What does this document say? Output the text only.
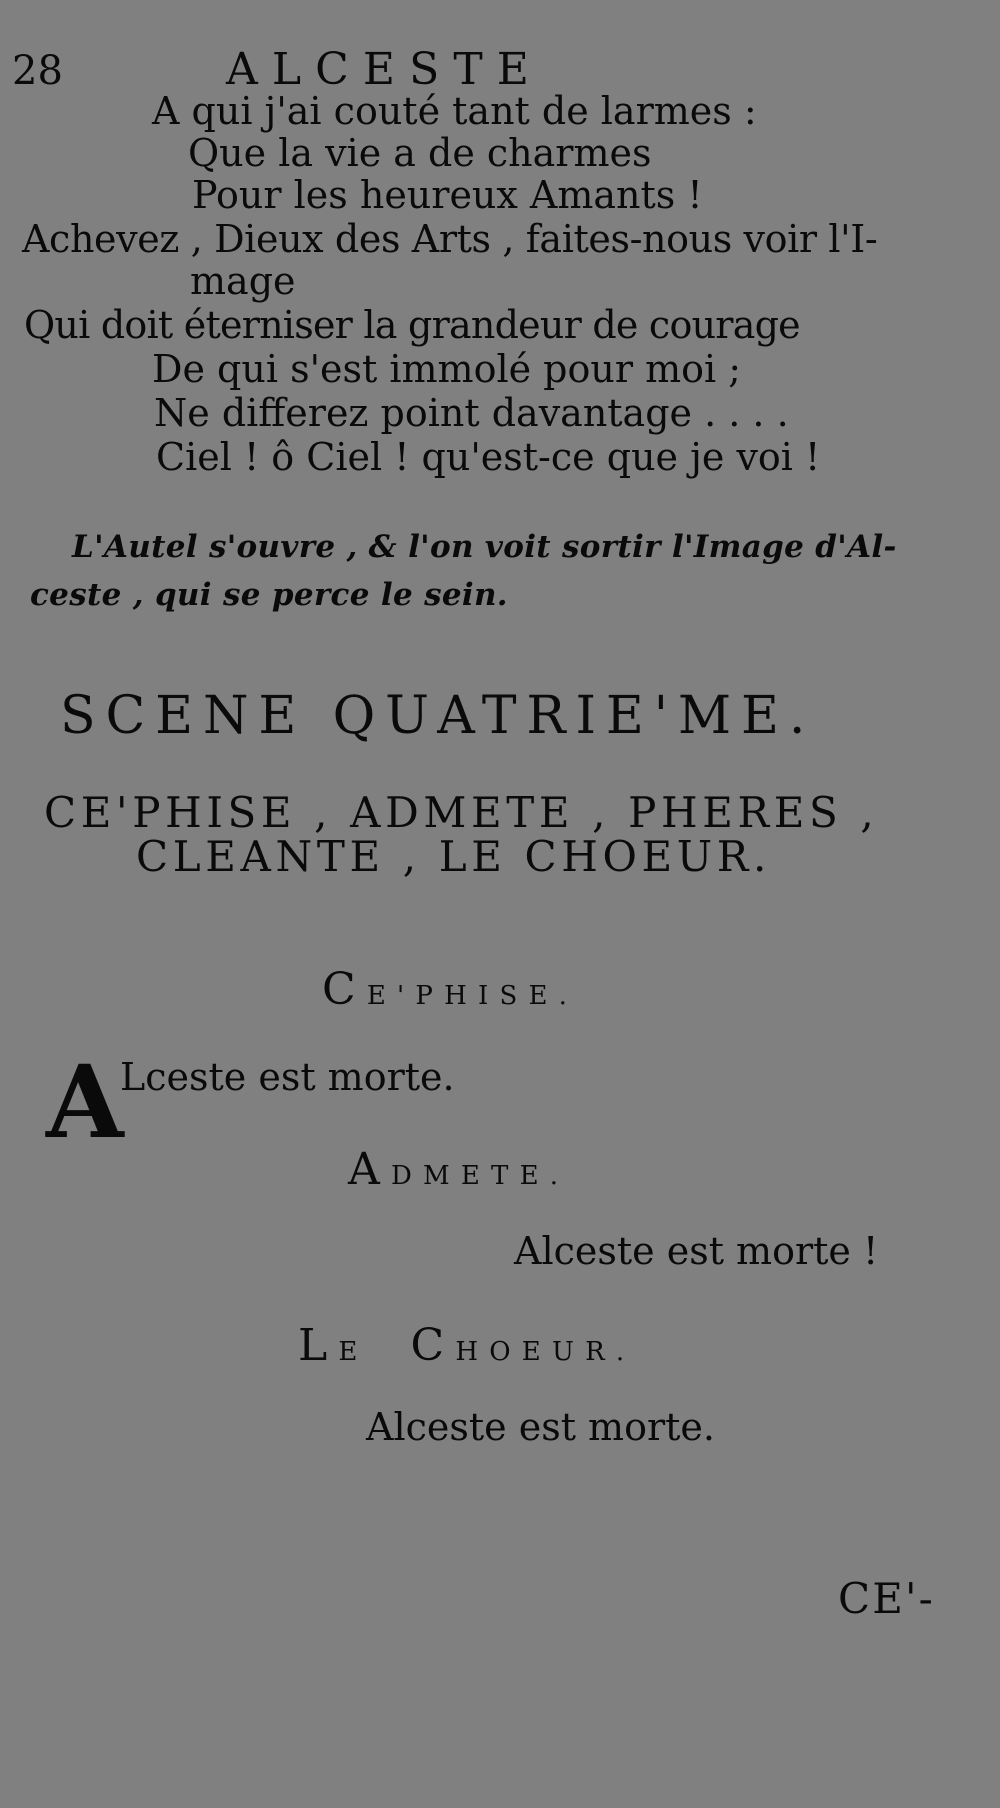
28	ALCESTE
A qui j'ai couté tant de larmes :
Que la vie a de charmes
Pour les heureux Amants !
Achevez , Dieux des Arts , faites-nous voir l'I-
mage
Qui doit éterniser la grandeur de courage
De qui s'est immolé pour moi ;
Ne differez point davantage . . . .
Ciel ! ô Ciel ! qu'est-ce que je voi !
L'Autel s'ouvre , & l'on voit sortir l'Image d'Al-
ceste , qui se perce le sein.
SCENE QUATRIE'ME.
CE'PHISE , ADMETE , PHERES ,
CLEANTE , LE CHOEUR.
CE'PHISE.
A
Lceste est morte.
ADMETE.
Alceste est morte !
LE CHOEUR.
Alceste est morte.
CE'-
